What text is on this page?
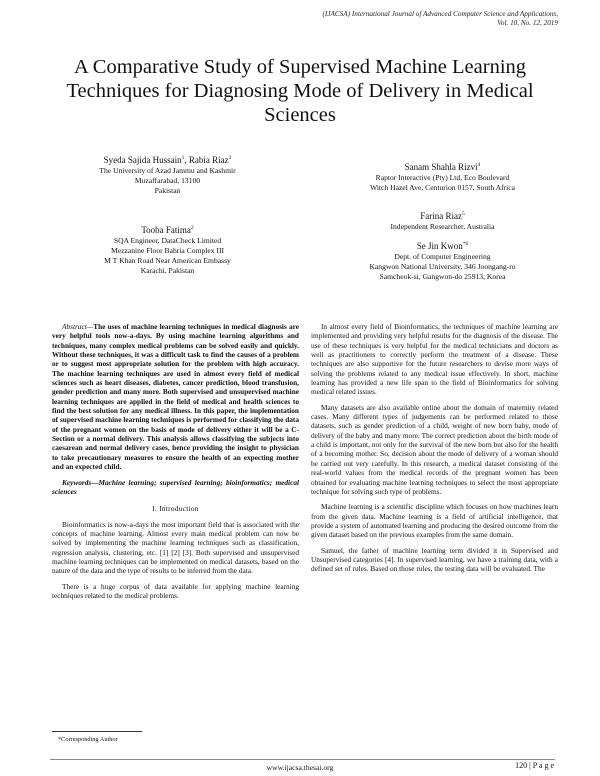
(IJACSA) International Journal of Advanced Computer Science and Applications,
Vol. 10, No. 12, 2019
A Comparative Study of Supervised Machine Learning Techniques for Diagnosing Mode of Delivery in Medical Sciences
Syeda Sajida Hussain$^1$, Rabia Riaz$^3$
The University of Azad Jammu and Kashmir
Muzaffarabad, 13100
Pakistan
Tooba Fatima$^2$
SQA Engineer, DataCheck Limited
Mezzanine Floor Bahria Complex III
M T Khan Road Near American Embassy
Karachi, Pakistan
Sanam Shahla Rizvi$^4$
Raptor Interactive (Pty) Ltd, Eco Boulevard
Witch Hazel Ave, Centurion 0157, South Africa
Farina Riaz$^5$
Independent Researcher, Australia
Se Jin Kwon$^{*6}$
Dept. of Computer Engineering
Kangwon National University, 346 Joongang-ro
Samcheok-si, Gangwon-do 25913, Korea

Abstract—The uses of machine learning techniques in medical diagnosis are very helpful tools now-a-days. By using machine learning algorithms and techniques, many complex medical problems can be solved easily and quickly. Without these techniques, it was a difficult task to find the causes of a problem or to suggest most appropriate solution for the problem with high accuracy. The machine learning techniques are used in almost every field of medical sciences such as heart diseases, diabetes, cancer prediction, blood transfusion, gender prediction and many more. Both supervised and unsupervised machine learning techniques are applied in the field of medical and health sciences to find the best solution for any medical illness. In this paper, the implementation of supervised machine learning techniques is performed for classifying the data of the pregnant women on the basis of mode of delivery either it will be a C-Section or a normal delivery. This analysis allows classifying the subjects into caesarean and normal delivery cases, hence providing the insight to physician to take precautionary measures to ensure the health of an expecting mother and an expected child.

Keywords—Machine learning; supervised learning; bioinformatics; medical sciences

I. Introduction

Bioinformatics is now-a-days the most important field that is associated with the concepts of machine learning. Almost every main medical problem can now be solved by implementing the machine learning techniques such as classification, regression analysis, clustering, etc. [1] [2] [3]. Both supervised and unsupervised machine learning techniques can be implemented on medical datasets, based on the nature of the data and the type of results to be inferred from the data.

There is a huge corpus of data available for applying machine learning techniques related to the medical problems.

In almost every field of Bioinformatics, the techniques of machine learning are implemented and providing very helpful results for the diagnosis of the disease. The use of these techniques is very helpful for the medical technicians and doctors as well as practitioners to correctly perform the treatment of a disease. These techniques are also supportive for the future researchers to devise more ways of solving the problems related to any medical issue effectively. In short, machine learning has provided a new life span to the field of Bioinformatics for solving medical related issues.

Many datasets are also available online about the domain of maternity related cases. Many different types of judgements can be performed related to those datasets, such as gender prediction of a child, weight of new born baby, mode of delivery of the baby and many more. The correct prediction about the birth mode of a child is important, not only for the survival of the new born but also for the health of a becoming mother. So, decision about the mode of delivery of a woman should be carried out very carefully. In this research, a medical dataset consisting of the real-world values from the medical records of the pregnant women has been obtained for evaluating machine learning techniques to select the most appropriate technique for solving such type of problems.

Machine learning is a scientific discipline which focuses on how machines learn from the given data. Machine learning is a field of artificial intelligence, that provide a system of automated learning and producing the desired outcome from the given dataset based on the previous examples from the same domain.

Samuel, the father of machine learning term divided it in Supervised and Unsupervised categories [4]. In supervised learning, we have a training data, with a defined set of rules. Based on those rules, the testing data will be evaluated. The

*Corresponding Author
120 | P a g e
www.ijacsa.thesai.org
